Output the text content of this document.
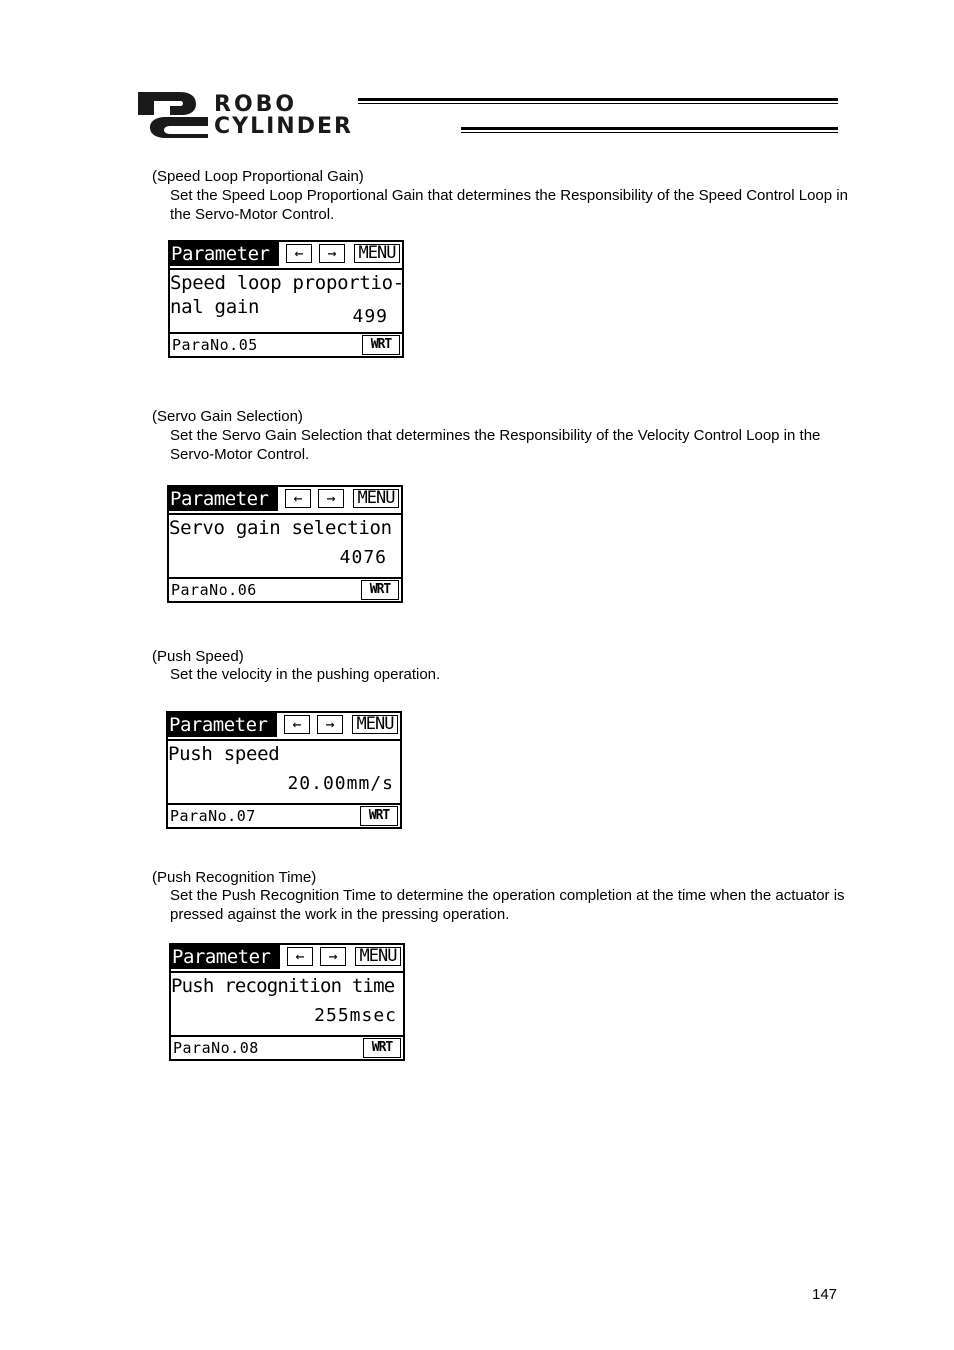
ROBO
CYLINDER
(Speed Loop Proportional Gain)
Set the Speed Loop Proportional Gain that determines the Responsibility of the Speed Control Loop in the Servo-Motor Control.
Parameter	←	→	MENU
Speed loop proportio-
nal gain	499
ParaNo.05	WRT
(Servo Gain Selection)
Set the Servo Gain Selection that determines the Responsibility of the Velocity Control Loop in the Servo-Motor Control.
Parameter	←	→	MENU
Servo gain selection
4076
ParaNo.06	WRT
(Push Speed)
Set the velocity in the pushing operation.
Parameter	←	→	MENU
Push speed
20.00mm/s
ParaNo.07	WRT
(Push Recognition Time)
Set the Push Recognition Time to determine the operation completion at the time when the actuator is pressed against the work in the pressing operation.
Parameter	←	→	MENU
Push recognition time
255msec
ParaNo.08	WRT
147
